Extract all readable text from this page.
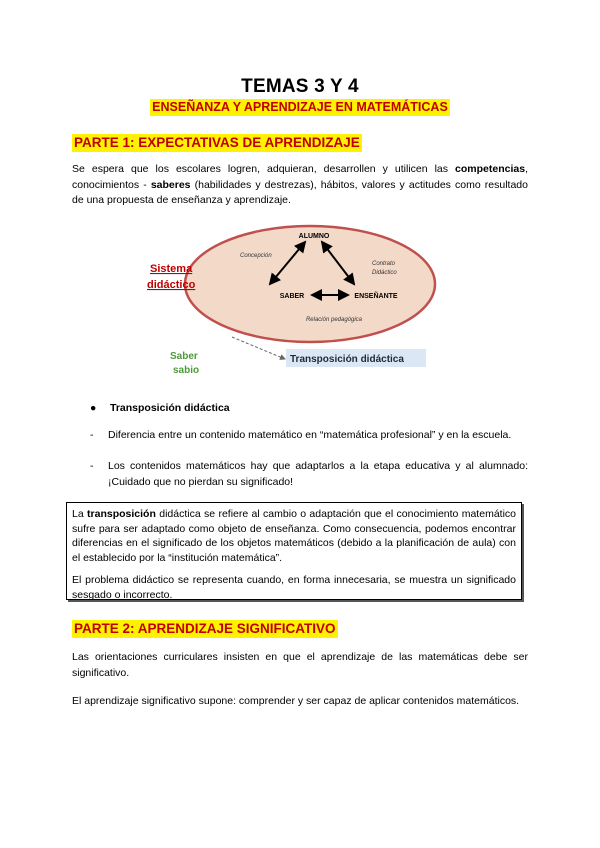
TEMAS 3 Y 4
ENSEÑANZA Y APRENDIZAJE EN MATEMÁTICAS
PARTE 1: EXPECTATIVAS DE APRENDIZAJE
Se espera que los escolares logren, adquieran, desarrollen y utilicen las competencias, conocimientos - saberes (habilidades y destrezas), hábitos, valores y actitudes como resultado de una propuesta de enseñanza y aprendizaje.
ALUMNO
SABER	ENSEÑANTE
Concepción
Contrato
Didáctico
Relación pedagógica
Sistema
didáctico
Saber
sabio
Transposición didáctica
● Transposición didáctica
- Diferencia entre un contenido matemático en “matemática profesional” y en la escuela.
- Los contenidos matemáticos hay que adaptarlos a la etapa educativa y al alumnado: ¡Cuidado que no pierdan su significado!

La transposición didáctica se refiere al cambio o adaptación que el conocimiento matemático sufre para ser adaptado como objeto de enseñanza. Como consecuencia, podemos encontrar diferencias en el significado de los objetos matemáticos (debido a la planificación de aula) con el establecido por la “institución matemática”.

El problema didáctico se representa cuando, en forma innecesaria, se muestra un significado sesgado o incorrecto.

PARTE 2: APRENDIZAJE SIGNIFICATIVO
Las orientaciones curriculares insisten en que el aprendizaje de las matemáticas debe ser significativo.
El aprendizaje significativo supone: comprender y ser capaz de aplicar contenidos matemáticos.
